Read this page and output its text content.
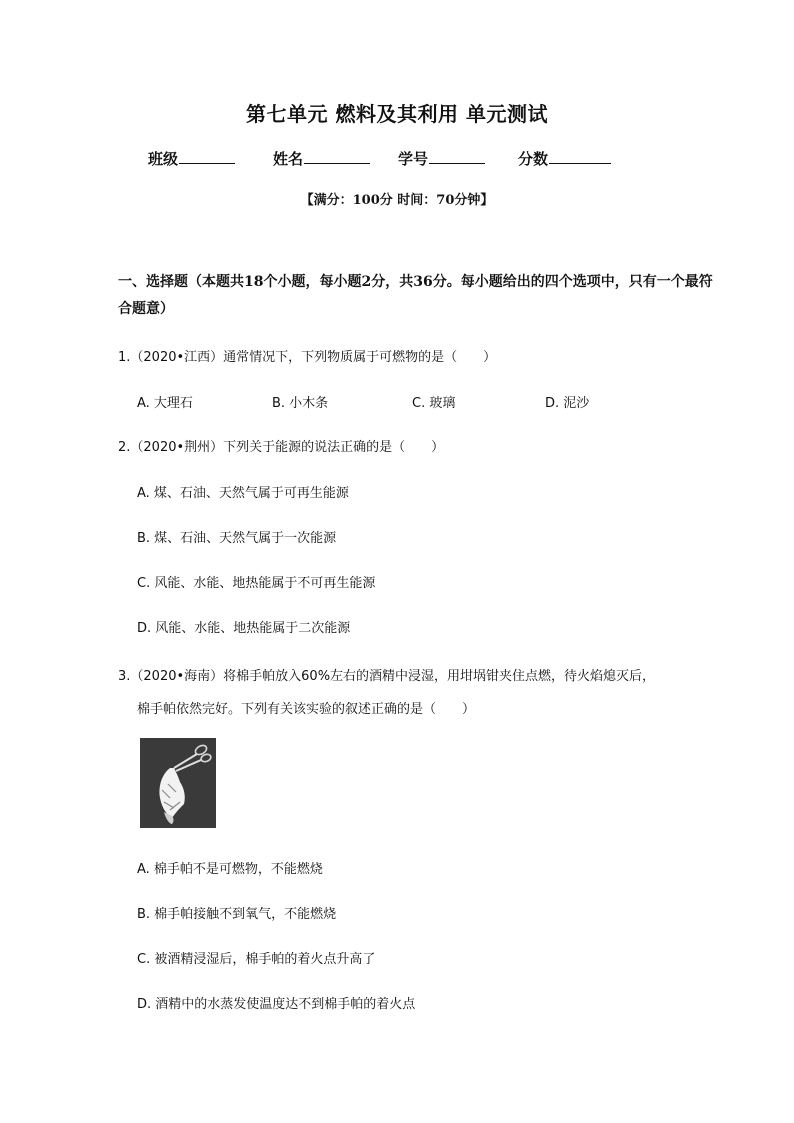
第七单元 燃料及其利用 单元测试
班级	姓名	学号	分数
【满分：100分 时间：70分钟】
一、选择题（本题共18个小题，每小题2分，共36分。每小题给出的四个选项中，只有一个最符合题意）
1.（2020•江西）通常情况下，下列物质属于可燃物的是（　　）
A. 大理石	B. 小木条	C. 玻璃	D. 泥沙
2.（2020•荆州）下列关于能源的说法正确的是（　　）
A. 煤、石油、天然气属于可再生能源
B. 煤、石油、天然气属于一次能源
C. 风能、水能、地热能属于不可再生能源
D. 风能、水能、地热能属于二次能源
3.（2020•海南）将棉手帕放入60%左右的酒精中浸湿，用坩埚钳夹住点燃，待火焰熄灭后，
棉手帕依然完好。下列有关该实验的叙述正确的是（　　）
A. 棉手帕不是可燃物，不能燃烧
B. 棉手帕接触不到氧气，不能燃烧
C. 被酒精浸湿后，棉手帕的着火点升高了
D. 酒精中的水蒸发使温度达不到棉手帕的着火点
